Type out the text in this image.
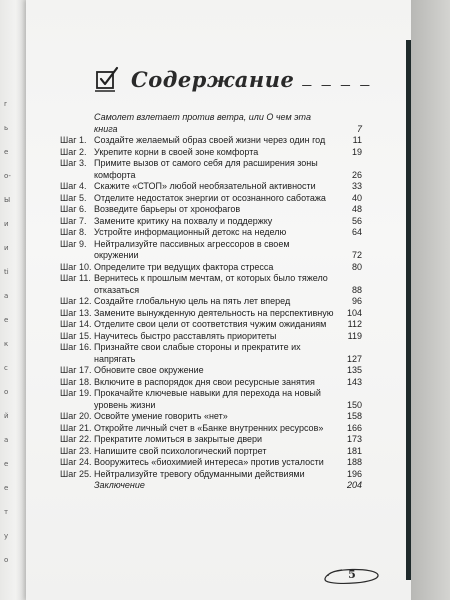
r
ь
e
o-
Ы
и
и
ti
a
е
к
с
о
й
а
е
е
т
у
о
Содержание _ _ _ _
Самолет взлетает против ветра, или О чем эта книга	7
Шаг 1. Создайте желаемый образ своей жизни через один год	11
Шаг 2. Укрепите корни в своей зоне комфорта	19
Шаг 3. Примите вызов от самого себя для расширения зоны комфорта	26
Шаг 4. Скажите «СТОП» любой необязательной активности	33
Шаг 5. Отделите недостаток энергии от осознанного саботажа	40
Шаг 6. Возведите барьеры от хронофагов	48
Шаг 7. Замените критику на похвалу и поддержку	56
Шаг 8. Устройте информационный детокс на неделю	64
Шаг 9. Нейтрализуйте пассивных агрессоров в своем окружении	72
Шаг 10. Определите три ведущих фактора стресса	80
Шаг 11. Вернитесь к прошлым мечтам, от которых было тяжело отказаться	88
Шаг 12. Создайте глобальную цель на пять лет вперед	96
Шаг 13. Замените вынужденную деятельность на перспективную	104
Шаг 14. Отделите свои цели от соответствия чужим ожиданиям	112
Шаг 15. Научитесь быстро расставлять приоритеты	119
Шаг 16. Признайте свои слабые стороны и прекратите их напрягать	127
Шаг 17. Обновите свое окружение	135
Шаг 18. Включите в распорядок дня свои ресурсные занятия	143
Шаг 19. Прокачайте ключевые навыки для перехода на новый уровень жизни	150
Шаг 20. Освойте умение говорить «нет»	158
Шаг 21. Откройте личный счет в «Банке внутренних ресурсов»	166
Шаг 22. Прекратите ломиться в закрытые двери	173
Шаг 23. Напишите свой психологический портрет	181
Шаг 24. Вооружитесь «биохимией интереса» против усталости	188
Шаг 25. Нейтрализуйте тревогу обдуманными действиями	196
Заключение	204
5
